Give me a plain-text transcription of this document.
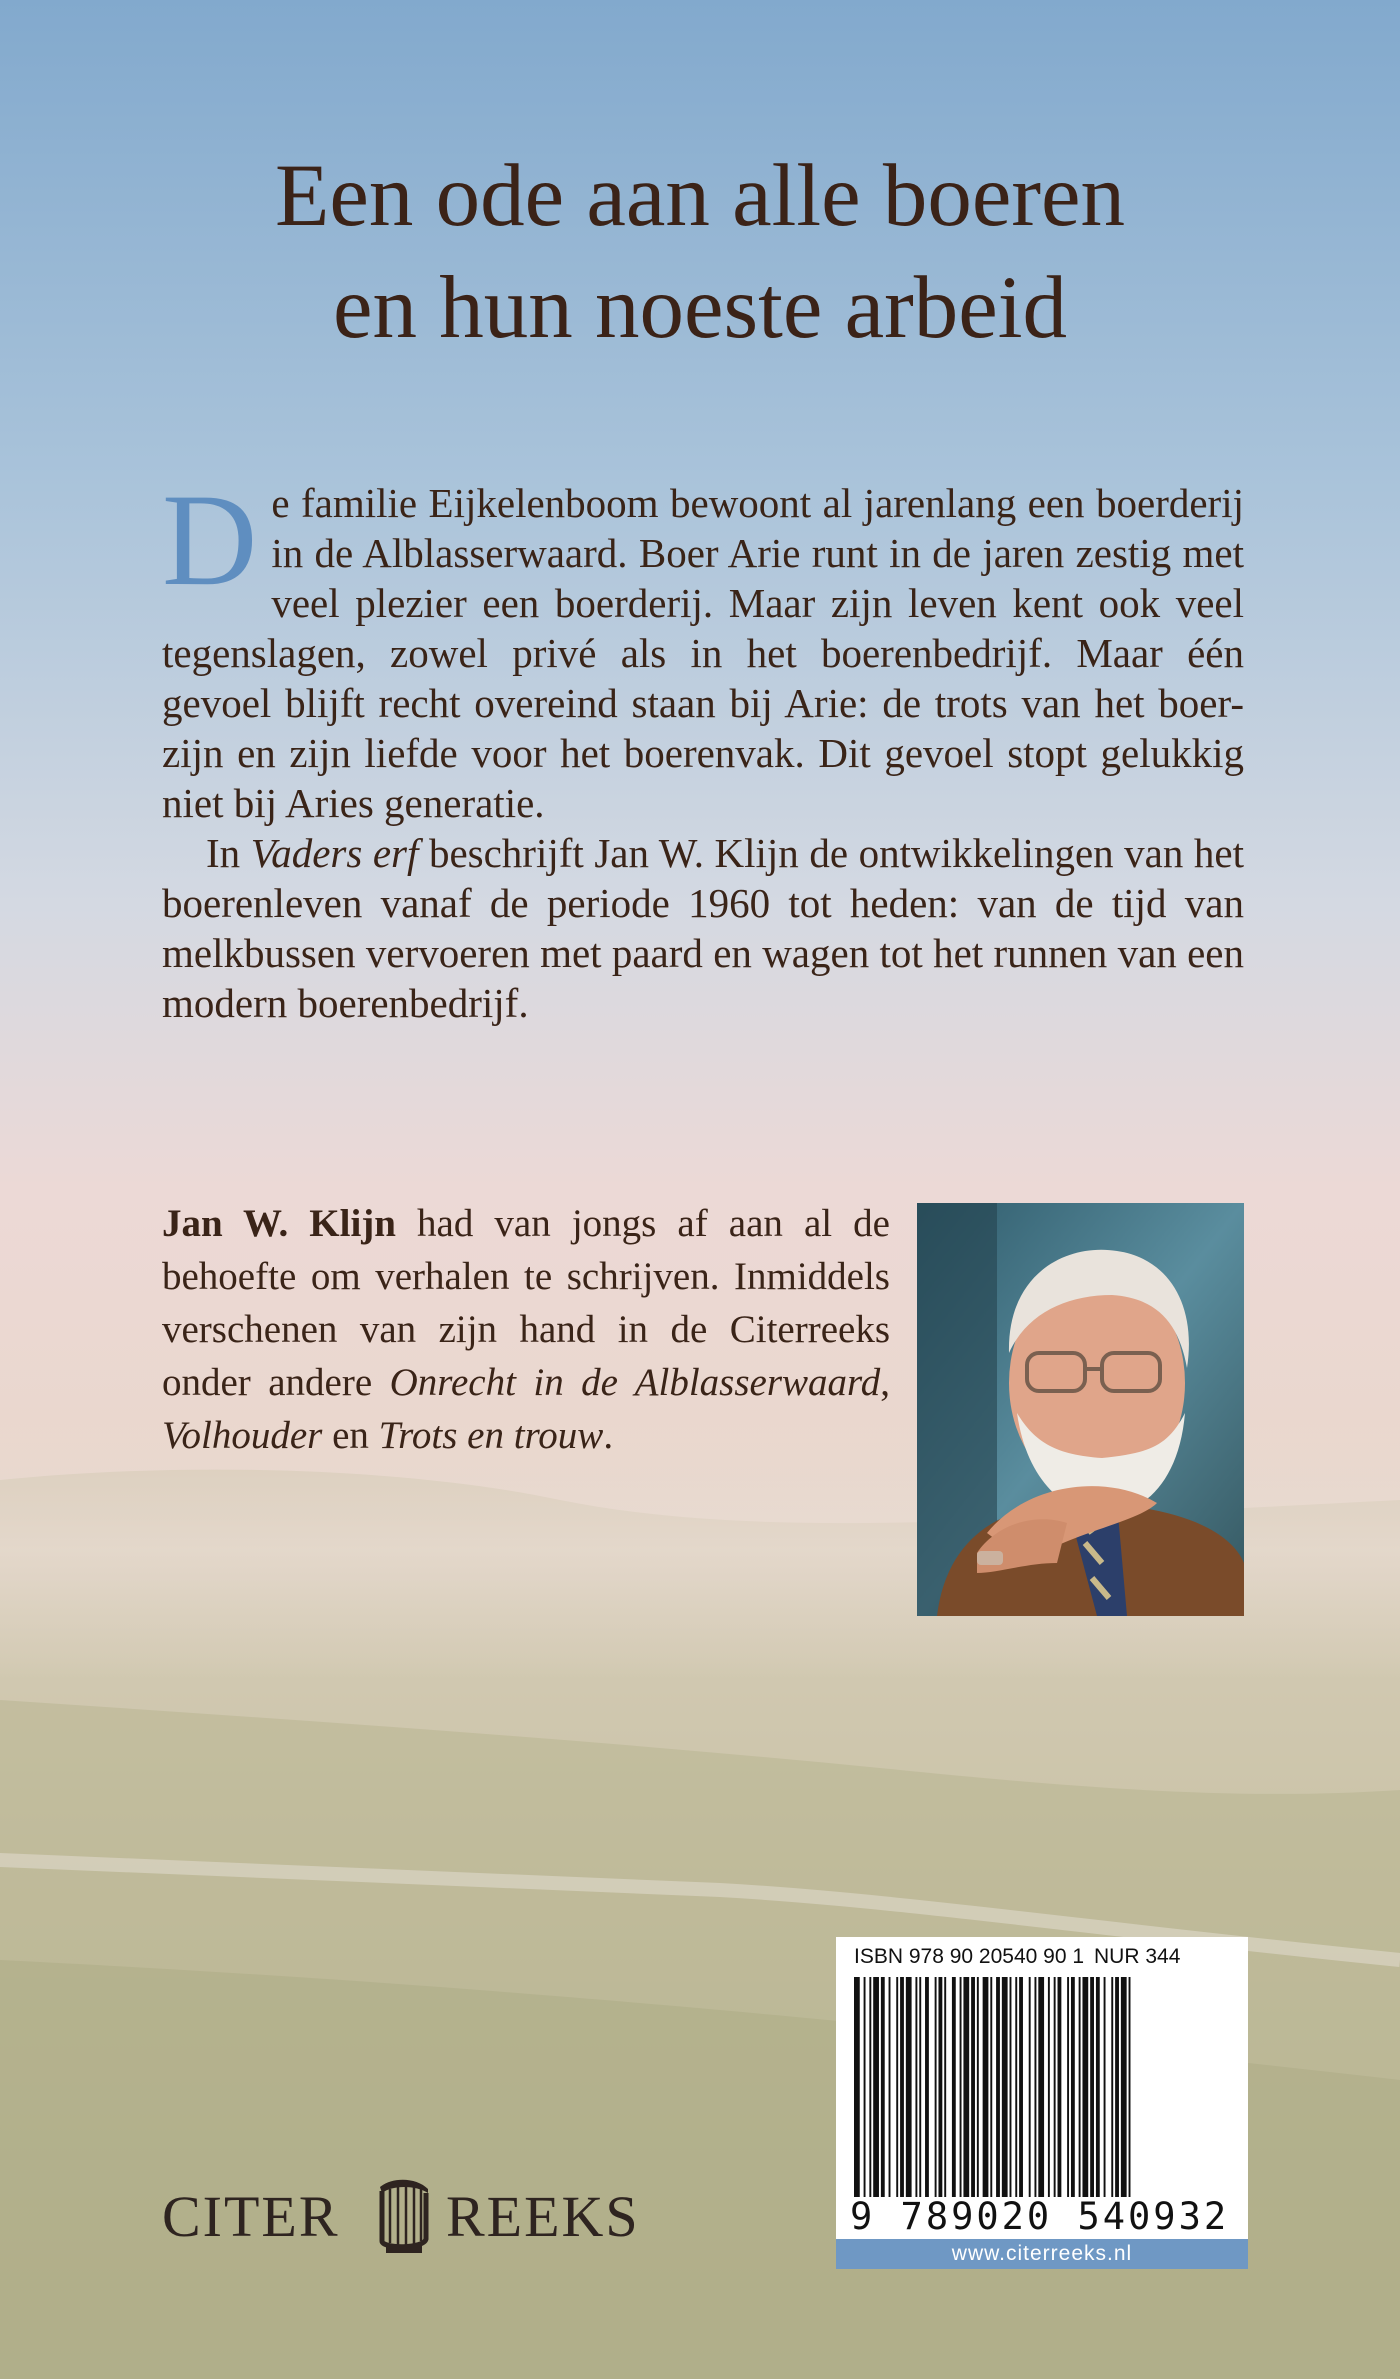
Een ode aan alle boeren
en hun noeste arbeid

De familie Eijkelenboom bewoont al jarenlang een boerderij in de Alblasserwaard. Boer Arie runt in de jaren zestig met veel plezier een boerderij. Maar zijn leven kent ook veel tegenslagen, zowel privé als in het boerenbedrijf. Maar één gevoel blijft recht overeind staan bij Arie: de trots van het boer-zijn en zijn liefde voor het boerenvak. Dit gevoel stopt gelukkig niet bij Aries generatie.

In Vaders erf beschrijft Jan W. Klijn de ontwikkelingen van het boerenleven vanaf de periode 1960 tot heden: van de tijd van melkbussen vervoeren met paard en wagen tot het runnen van een modern boerenbedrijf.

Jan W. Klijn had van jongs af aan al de behoefte om verhalen te schrijven. Inmiddels verschenen van zijn hand in de Citerreeks onder andere Onrecht in de Alblasserwaard, Volhouder en Trots en trouw.
ISBN 978 90 20540 90 1 NUR 344
9 789020 540932
www.citerreeks.nl
CITER REEKS
